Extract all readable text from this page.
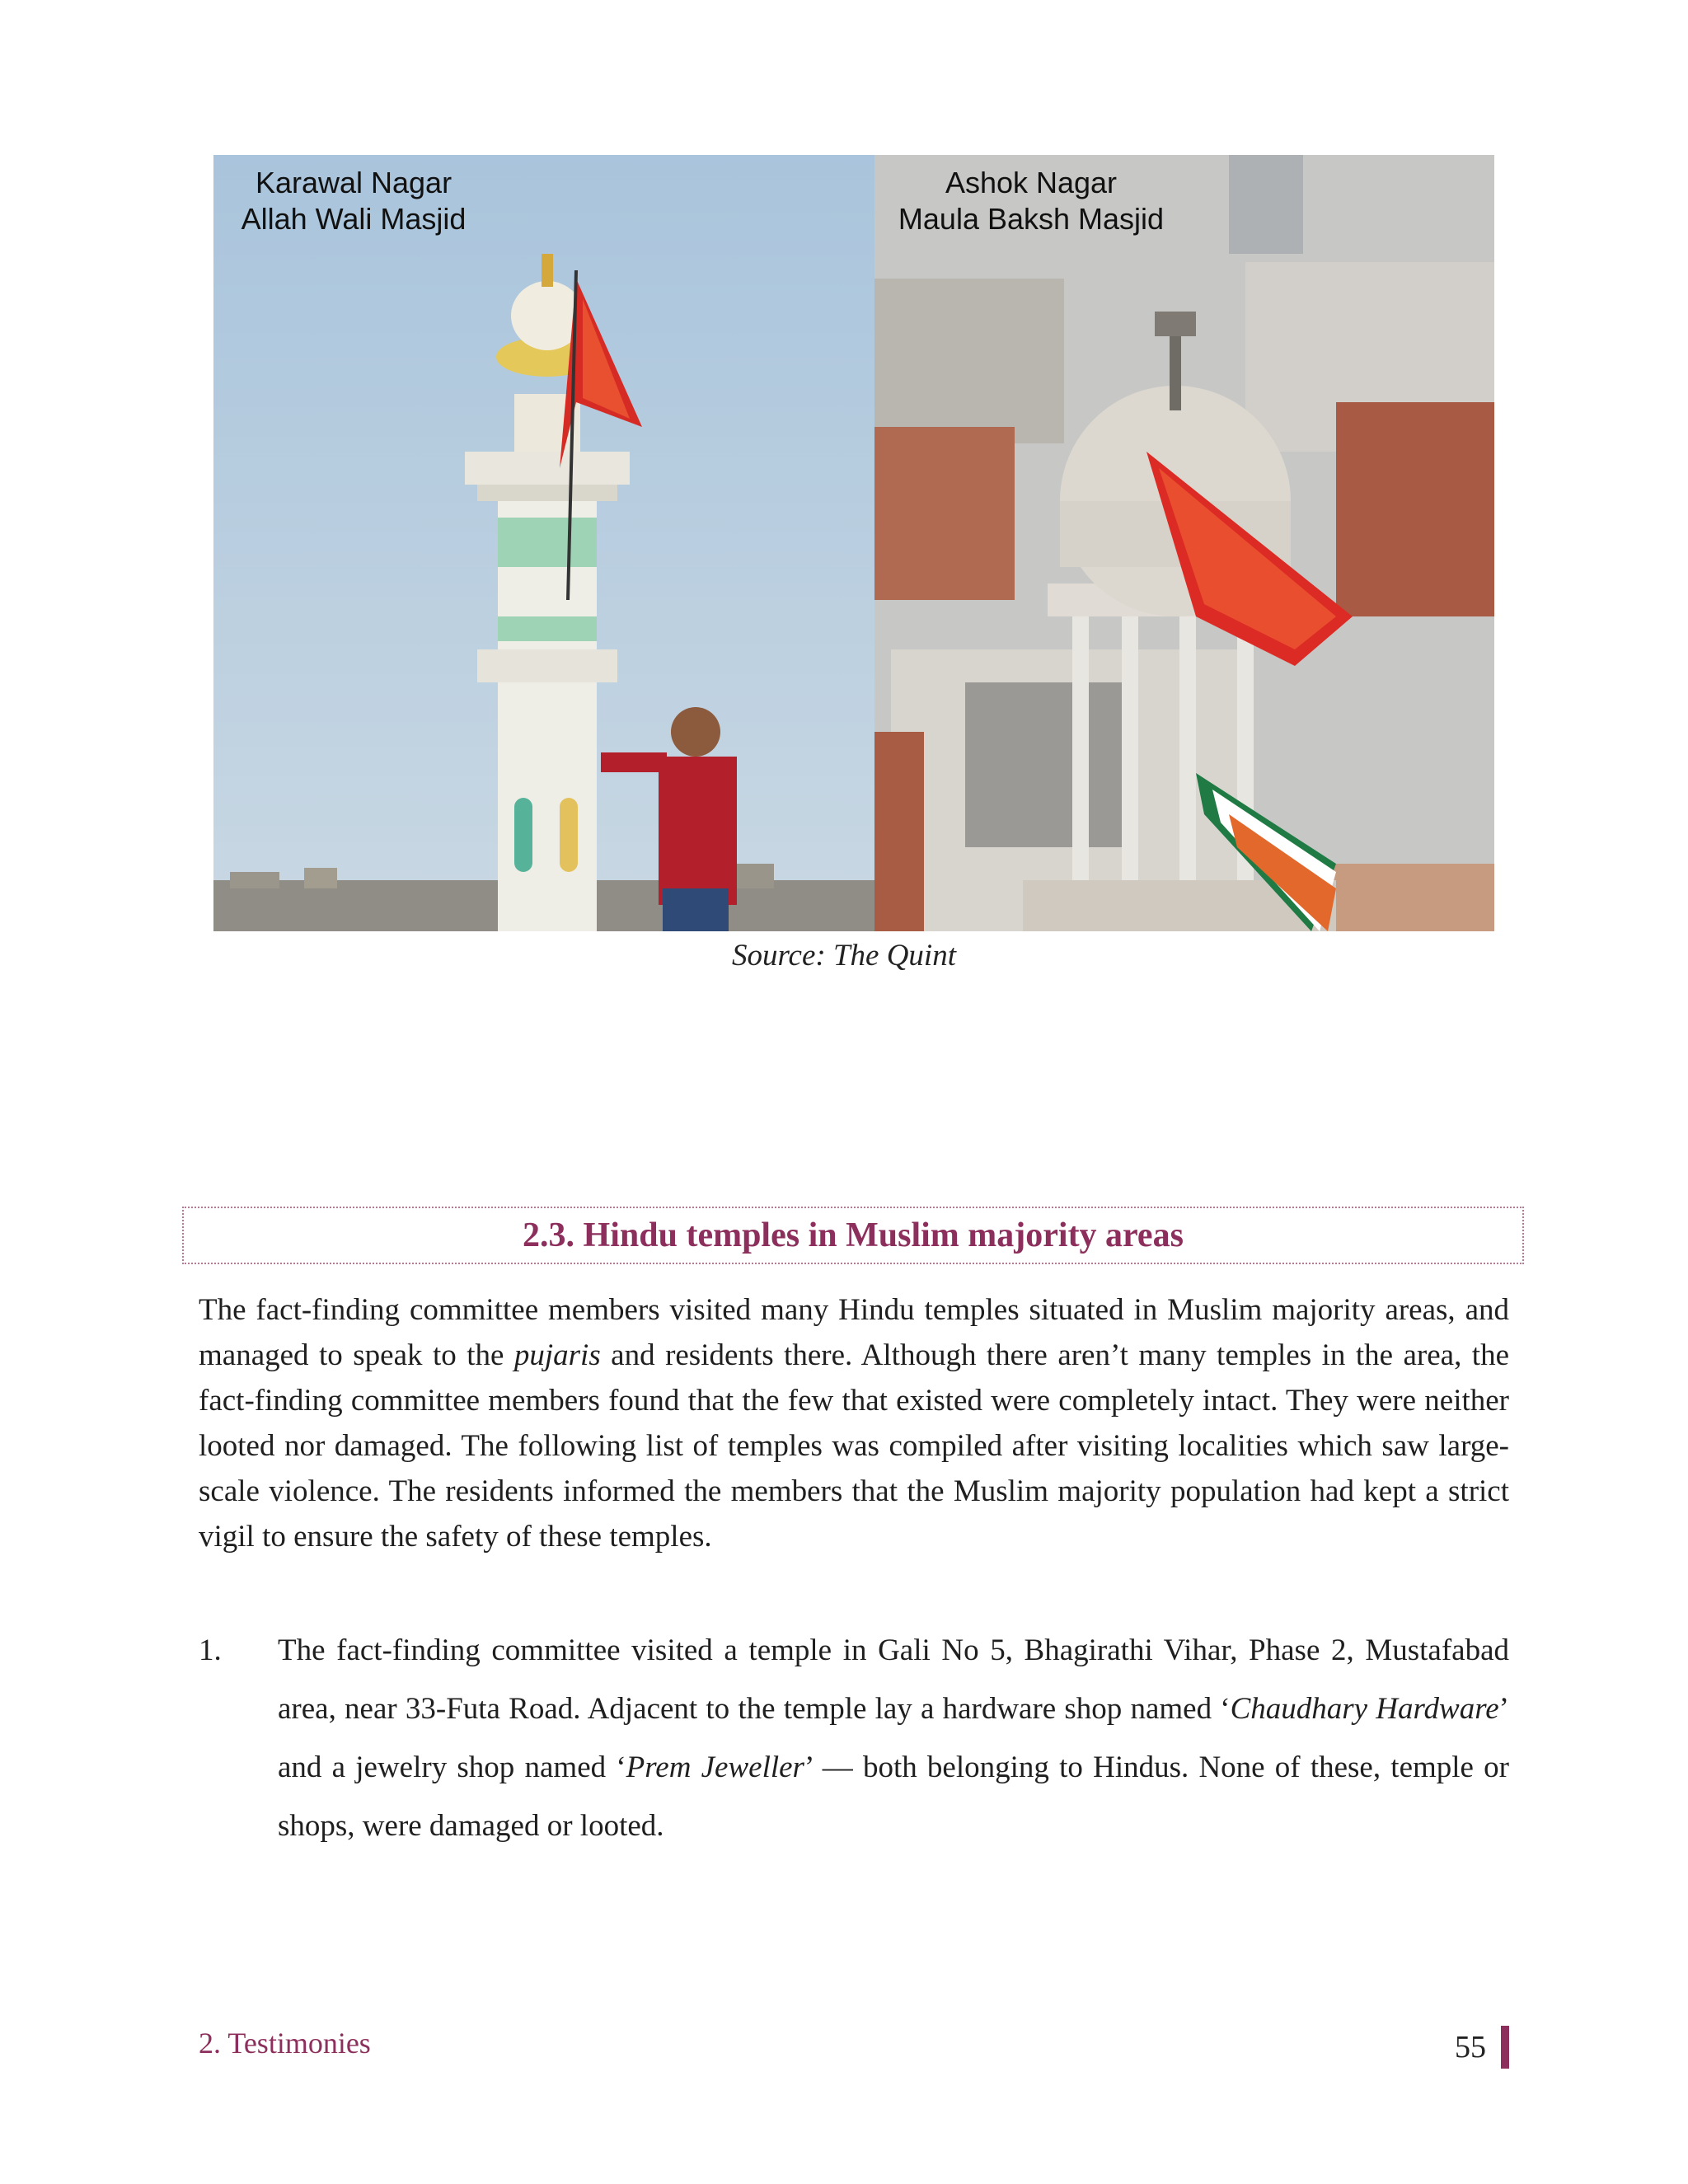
Karawal Nagar
Allah Wali Masjid
Ashok Nagar
Maula Baksh Masjid
Source: The Quint
2.3. Hindu temples in Muslim majority areas

The fact-finding committee members visited many Hindu temples situated in Muslim majority areas, and managed to speak to the pujaris and residents there. Although there aren’t many temples in the area, the fact-finding committee members found that the few that existed were completely intact. They were neither looted nor damaged. The following list of temples was compiled after visiting localities which saw large-scale violence. The residents informed the members that the Muslim majority population had kept a strict vigil to ensure the safety of these temples.

1.	The fact-finding committee visited a temple in Gali No 5, Bhagirathi Vihar, Phase 2, Mustafabad area, near 33-Futa Road. Adjacent to the temple lay a hardware shop named ‘Chaudhary Hardware’ and a jewelry shop named ‘Prem Jeweller’ — both belonging to Hindus. None of these, temple or shops, were damaged or looted.

2. Testimonies	55
